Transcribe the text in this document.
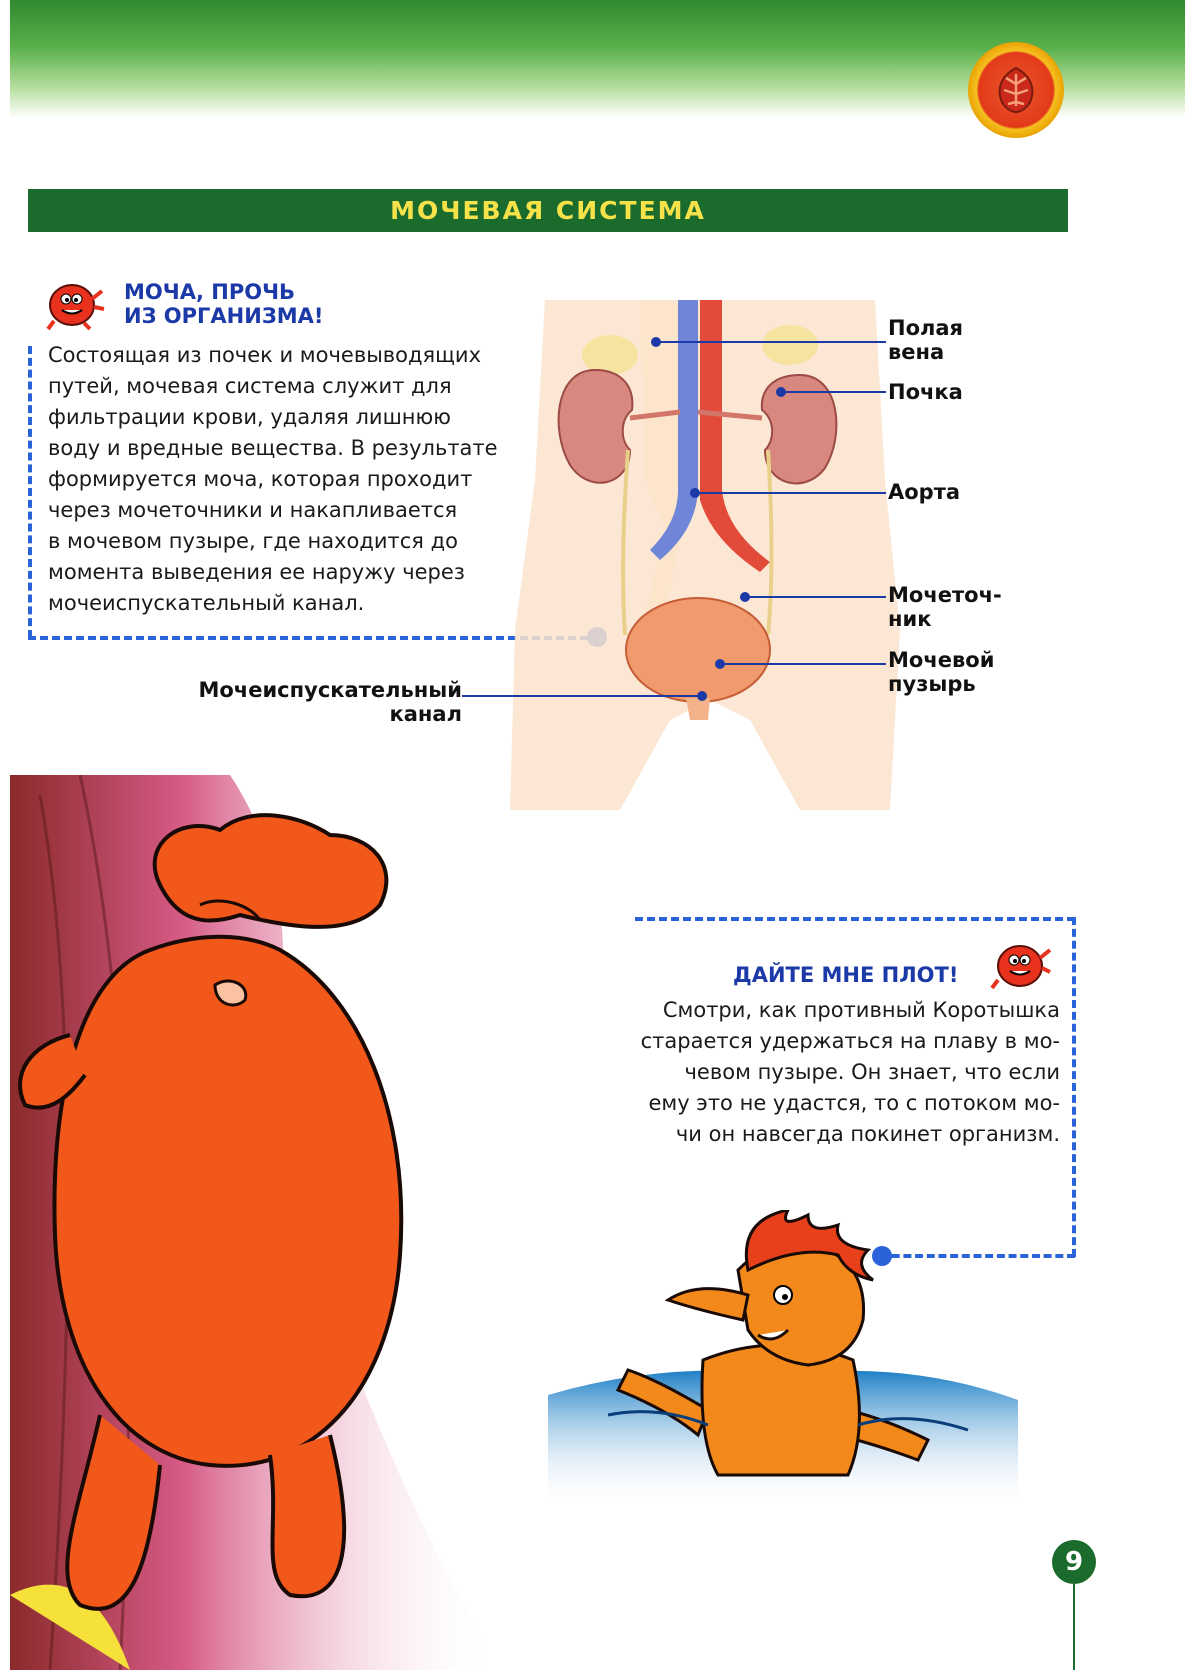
МОЧЕВАЯ СИСТЕМА
МОЧА, ПРОЧЬ
ИЗ ОРГАНИЗМА!

Состоящая из почек и мочевыводящих

путей, мочевая система служит для

фильтрации крови, удаляя лишнюю

воду и вредные вещества. В результате

формируется моча, которая проходит

через мочеточники и накапливается

в мочевом пузыре, где находится до

момента выведения ее наружу через

мочеиспускательный канал.

Полая
вена
Почка
Аорта
Мочеточ-
ник
Мочевой
пузырь
Мочеиспускательный
канал
ДАЙТЕ МНЕ ПЛОТ!

Смотри, как противный Коротышка

старается удержаться на плаву в мо-

чевом пузыре. Он знает, что если

ему это не удастся, то с потоком мо-

чи он навсегда покинет организм.

9
